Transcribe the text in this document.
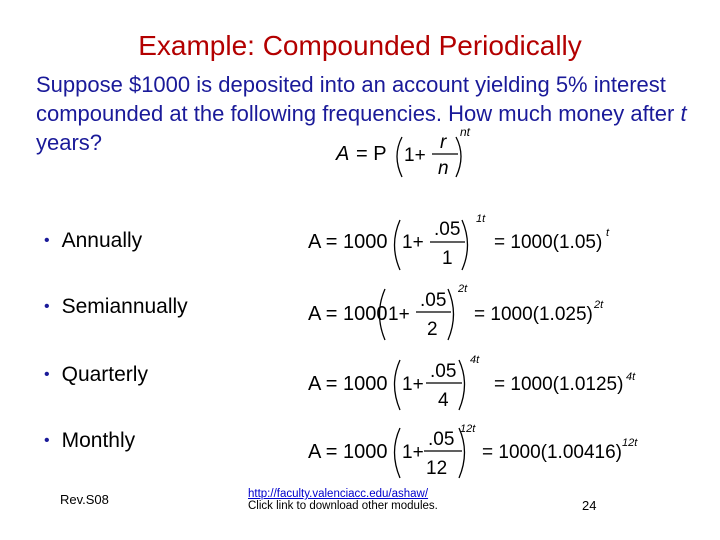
Example: Compounded Periodically
Suppose $1000 is deposited into an account yielding 5% interest compounded at the following frequencies. How much money after t years?
• Annually
• Semiannually
• Quarterly
• Monthly
A = P 1+
r
n
nt
A = 1000 1+
.05
1
1t
= 1000(1.05) t
A = 1000 1+
.05
2
2t
= 1000(1.025) 2t
A = 1000 1+
.05
4
4t
= 1000(1.0125) 4t
A = 1000 1+
.05
12
12t
= 1000(1.00416) 12t
Rev.S08	http://faculty.valenciacc.edu/ashaw/
Click link to download other modules.	24
